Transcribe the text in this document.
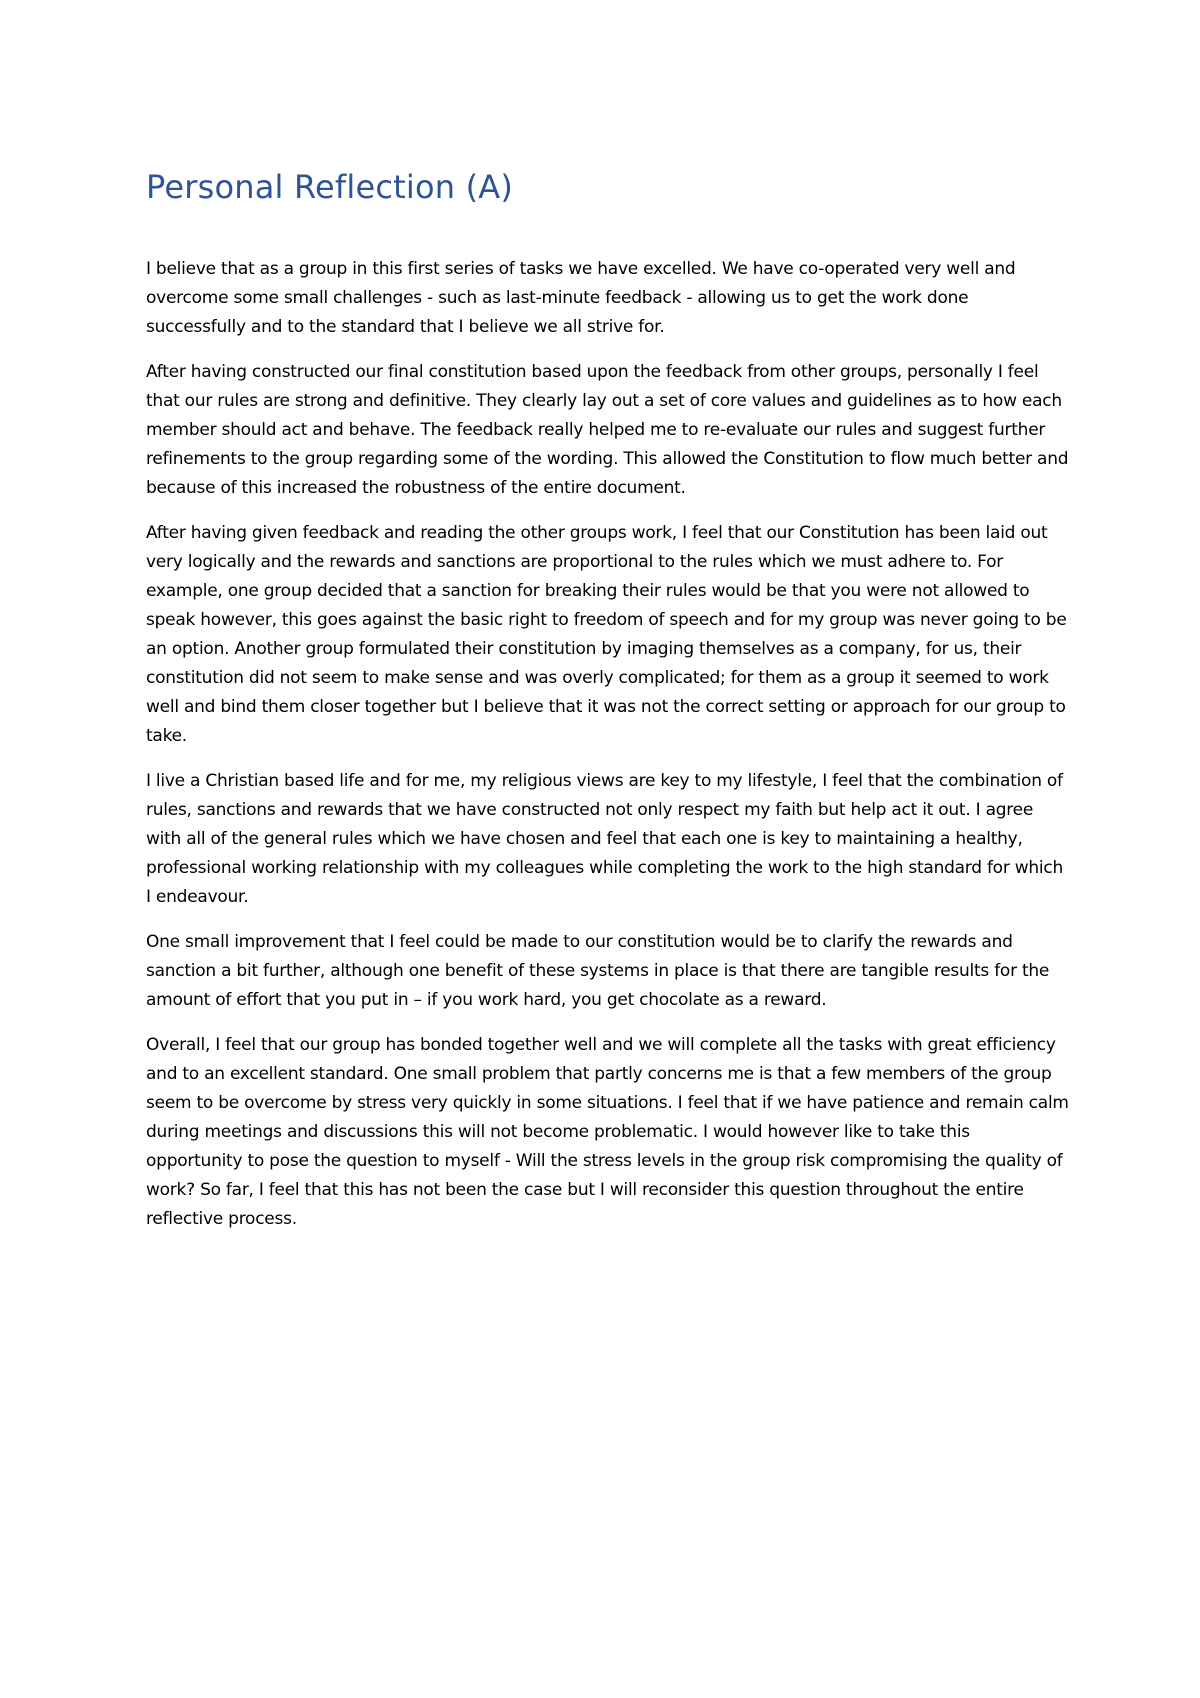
Personal Reflection (A)

I believe that as a group in this first series of tasks we have excelled. We have co-operated very well and overcome some small challenges - such as last-minute feedback - allowing us to get the work done successfully and to the standard that I believe we all strive for.

After having constructed our final constitution based upon the feedback from other groups, personally I feel that our rules are strong and definitive. They clearly lay out a set of core values and guidelines as to how each member should act and behave. The feedback really helped me to re-evaluate our rules and suggest further refinements to the group regarding some of the wording. This allowed the Constitution to flow much better and because of this increased the robustness of the entire document.

After having given feedback and reading the other groups work, I feel that our Constitution has been laid out very logically and the rewards and sanctions are proportional to the rules which we must adhere to. For example, one group decided that a sanction for breaking their rules would be that you were not allowed to speak however, this goes against the basic right to freedom of speech and for my group was never going to be an option. Another group formulated their constitution by imaging themselves as a company, for us, their constitution did not seem to make sense and was overly complicated; for them as a group it seemed to work well and bind them closer together but I believe that it was not the correct setting or approach for our group to take.

I live a Christian based life and for me, my religious views are key to my lifestyle, I feel that the combination of rules, sanctions and rewards that we have constructed not only respect my faith but help act it out. I agree with all of the general rules which we have chosen and feel that each one is key to maintaining a healthy, professional working relationship with my colleagues while completing the work to the high standard for which I endeavour.

One small improvement that I feel could be made to our constitution would be to clarify the rewards and sanction a bit further, although one benefit of these systems in place is that there are tangible results for the amount of effort that you put in – if you work hard, you get chocolate as a reward.

Overall, I feel that our group has bonded together well and we will complete all the tasks with great efficiency and to an excellent standard. One small problem that partly concerns me is that a few members of the group seem to be overcome by stress very quickly in some situations. I feel that if we have patience and remain calm during meetings and discussions this will not become problematic. I would however like to take this opportunity to pose the question to myself - Will the stress levels in the group risk compromising the quality of work? So far, I feel that this has not been the case but I will reconsider this question throughout the entire reflective process.
